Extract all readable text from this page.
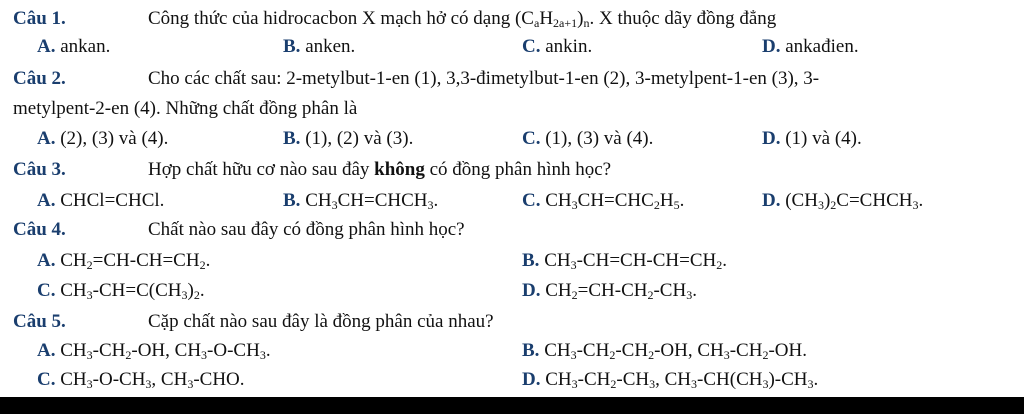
Câu 1.	Công thức của hidrocacbon X mạch hở có dạng $(C_aH_{2a+1})_n$. X thuộc dãy đồng đẳng
A. ankan.	B. anken.	C. ankin.	D. ankađien.
Câu 2.	Cho các chất sau: 2-metylbut-1-en (1), 3,3-đimetylbut-1-en (2), 3-metylpent-1-en (3), 3-
metylpent-2-en (4). Những chất đồng phân là
A. (2), (3) và (4).	B. (1), (2) và (3).	C. (1), (3) và (4).	D. (1) và (4).
Câu 3.	Hợp chất hữu cơ nào sau đây không có đồng phân hình học?
A. CHCl=CHCl.	B. $CH_3CH=CHCH_3$.	C. $CH_3CH=CHC_2H_5$.	D. $(CH_3)_2C=CHCH_3$.
Câu 4.	Chất nào sau đây có đồng phân hình học?
A. $CH_2=CH-CH=CH_2$.	B. $CH_3-CH=CH-CH=CH_2$.
C. $CH_3-CH=C(CH_3)_2$.	D. $CH_2=CH-CH_2-CH_3$.
Câu 5.	Cặp chất nào sau đây là đồng phân của nhau?
A. $CH_3-CH_2-OH$, $CH_3-O-CH_3$.	B. $CH_3-CH_2-CH_2-OH$, $CH_3-CH_2-OH$.
C. $CH_3-O-CH_3$, $CH_3$-CHO.	D. $CH_3-CH_2-CH_3$, $CH_3-CH(CH_3)-CH_3$.
